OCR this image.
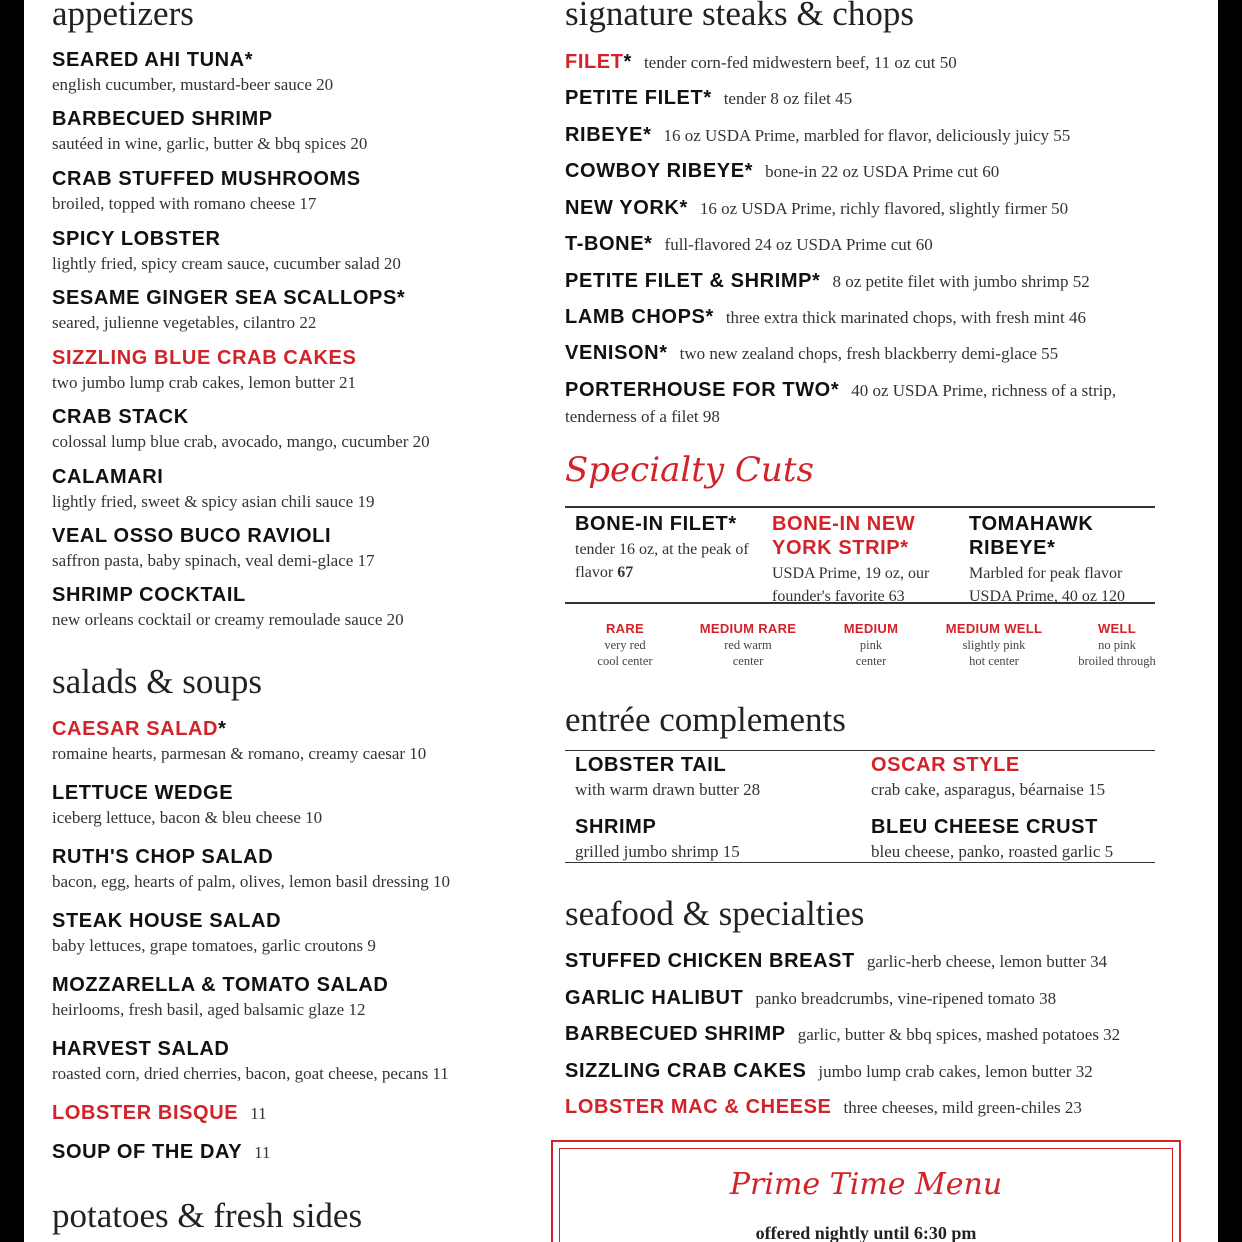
appetizers
SEARED AHI TUNA*
english cucumber, mustard-beer sauce 20
BARBECUED SHRIMP
sautéed in wine, garlic, butter & bbq spices 20
CRAB STUFFED MUSHROOMS
broiled, topped with romano cheese 17
SPICY LOBSTER
lightly fried, spicy cream sauce, cucumber salad 20
SESAME GINGER SEA SCALLOPS*
seared, julienne vegetables, cilantro 22
SIZZLING BLUE CRAB CAKES
two jumbo lump crab cakes, lemon butter 21
CRAB STACK
colossal lump blue crab, avocado, mango, cucumber 20
CALAMARI
lightly fried, sweet & spicy asian chili sauce 19
VEAL OSSO BUCO RAVIOLI
saffron pasta, baby spinach, veal demi-glace 17
SHRIMP COCKTAIL
new orleans cocktail or creamy remoulade sauce 20
salads & soups
CAESAR SALAD*
romaine hearts, parmesan & romano, creamy caesar 10
LETTUCE WEDGE
iceberg lettuce, bacon & bleu cheese 10
RUTH'S CHOP SALAD
bacon, egg, hearts of palm, olives, lemon basil dressing 10
STEAK HOUSE SALAD
baby lettuces, grape tomatoes, garlic croutons 9
MOZZARELLA & TOMATO SALAD
heirlooms, fresh basil, aged balsamic glaze 12
HARVEST SALAD
roasted corn, dried cherries, bacon, goat cheese, pecans 11
LOBSTER BISQUE 11
SOUP OF THE DAY 11
potatoes & fresh sides
signature steaks & chops
FILET* tender corn-fed midwestern beef, 11 oz cut 50
PETITE FILET* tender 8 oz filet 45
RIBEYE* 16 oz USDA Prime, marbled for flavor, deliciously juicy 55
COWBOY RIBEYE* bone-in 22 oz USDA Prime cut 60
NEW YORK* 16 oz USDA Prime, richly flavored, slightly firmer 50
T-BONE* full-flavored 24 oz USDA Prime cut 60
PETITE FILET & SHRIMP* 8 oz petite filet with jumbo shrimp 52
LAMB CHOPS* three extra thick marinated chops, with fresh mint 46
VENISON* two new zealand chops, fresh blackberry demi-glace 55
PORTERHOUSE FOR TWO* 40 oz USDA Prime, richness of a strip,
tenderness of a filet 98
Specialty Cuts
BONE-IN FILET*
tender 16 oz, at the peak of flavor 67
BONE-IN NEW YORK STRIP*
USDA Prime, 19 oz, our founder's favorite 63
TOMAHAWK RIBEYE*
Marbled for peak flavor USDA Prime, 40 oz 120
RARE
very red
cool center
MEDIUM RARE
red warm
center
MEDIUM
pink
center
MEDIUM WELL
slightly pink
hot center
WELL
no pink
broiled through
entrée complements
LOBSTER TAIL
with warm drawn butter 28
OSCAR STYLE
crab cake, asparagus, béarnaise 15
SHRIMP
grilled jumbo shrimp 15
BLEU CHEESE CRUST
bleu cheese, panko, roasted garlic 5
seafood & specialties
STUFFED CHICKEN BREAST garlic-herb cheese, lemon butter 34
GARLIC HALIBUT panko breadcrumbs, vine-ripened tomato 38
BARBECUED SHRIMP garlic, butter & bbq spices, mashed potatoes 32
SIZZLING CRAB CAKES jumbo lump crab cakes, lemon butter 32
LOBSTER MAC & CHEESE three cheeses, mild green-chiles 23
Prime Time Menu
offered nightly until 6:30 pm
